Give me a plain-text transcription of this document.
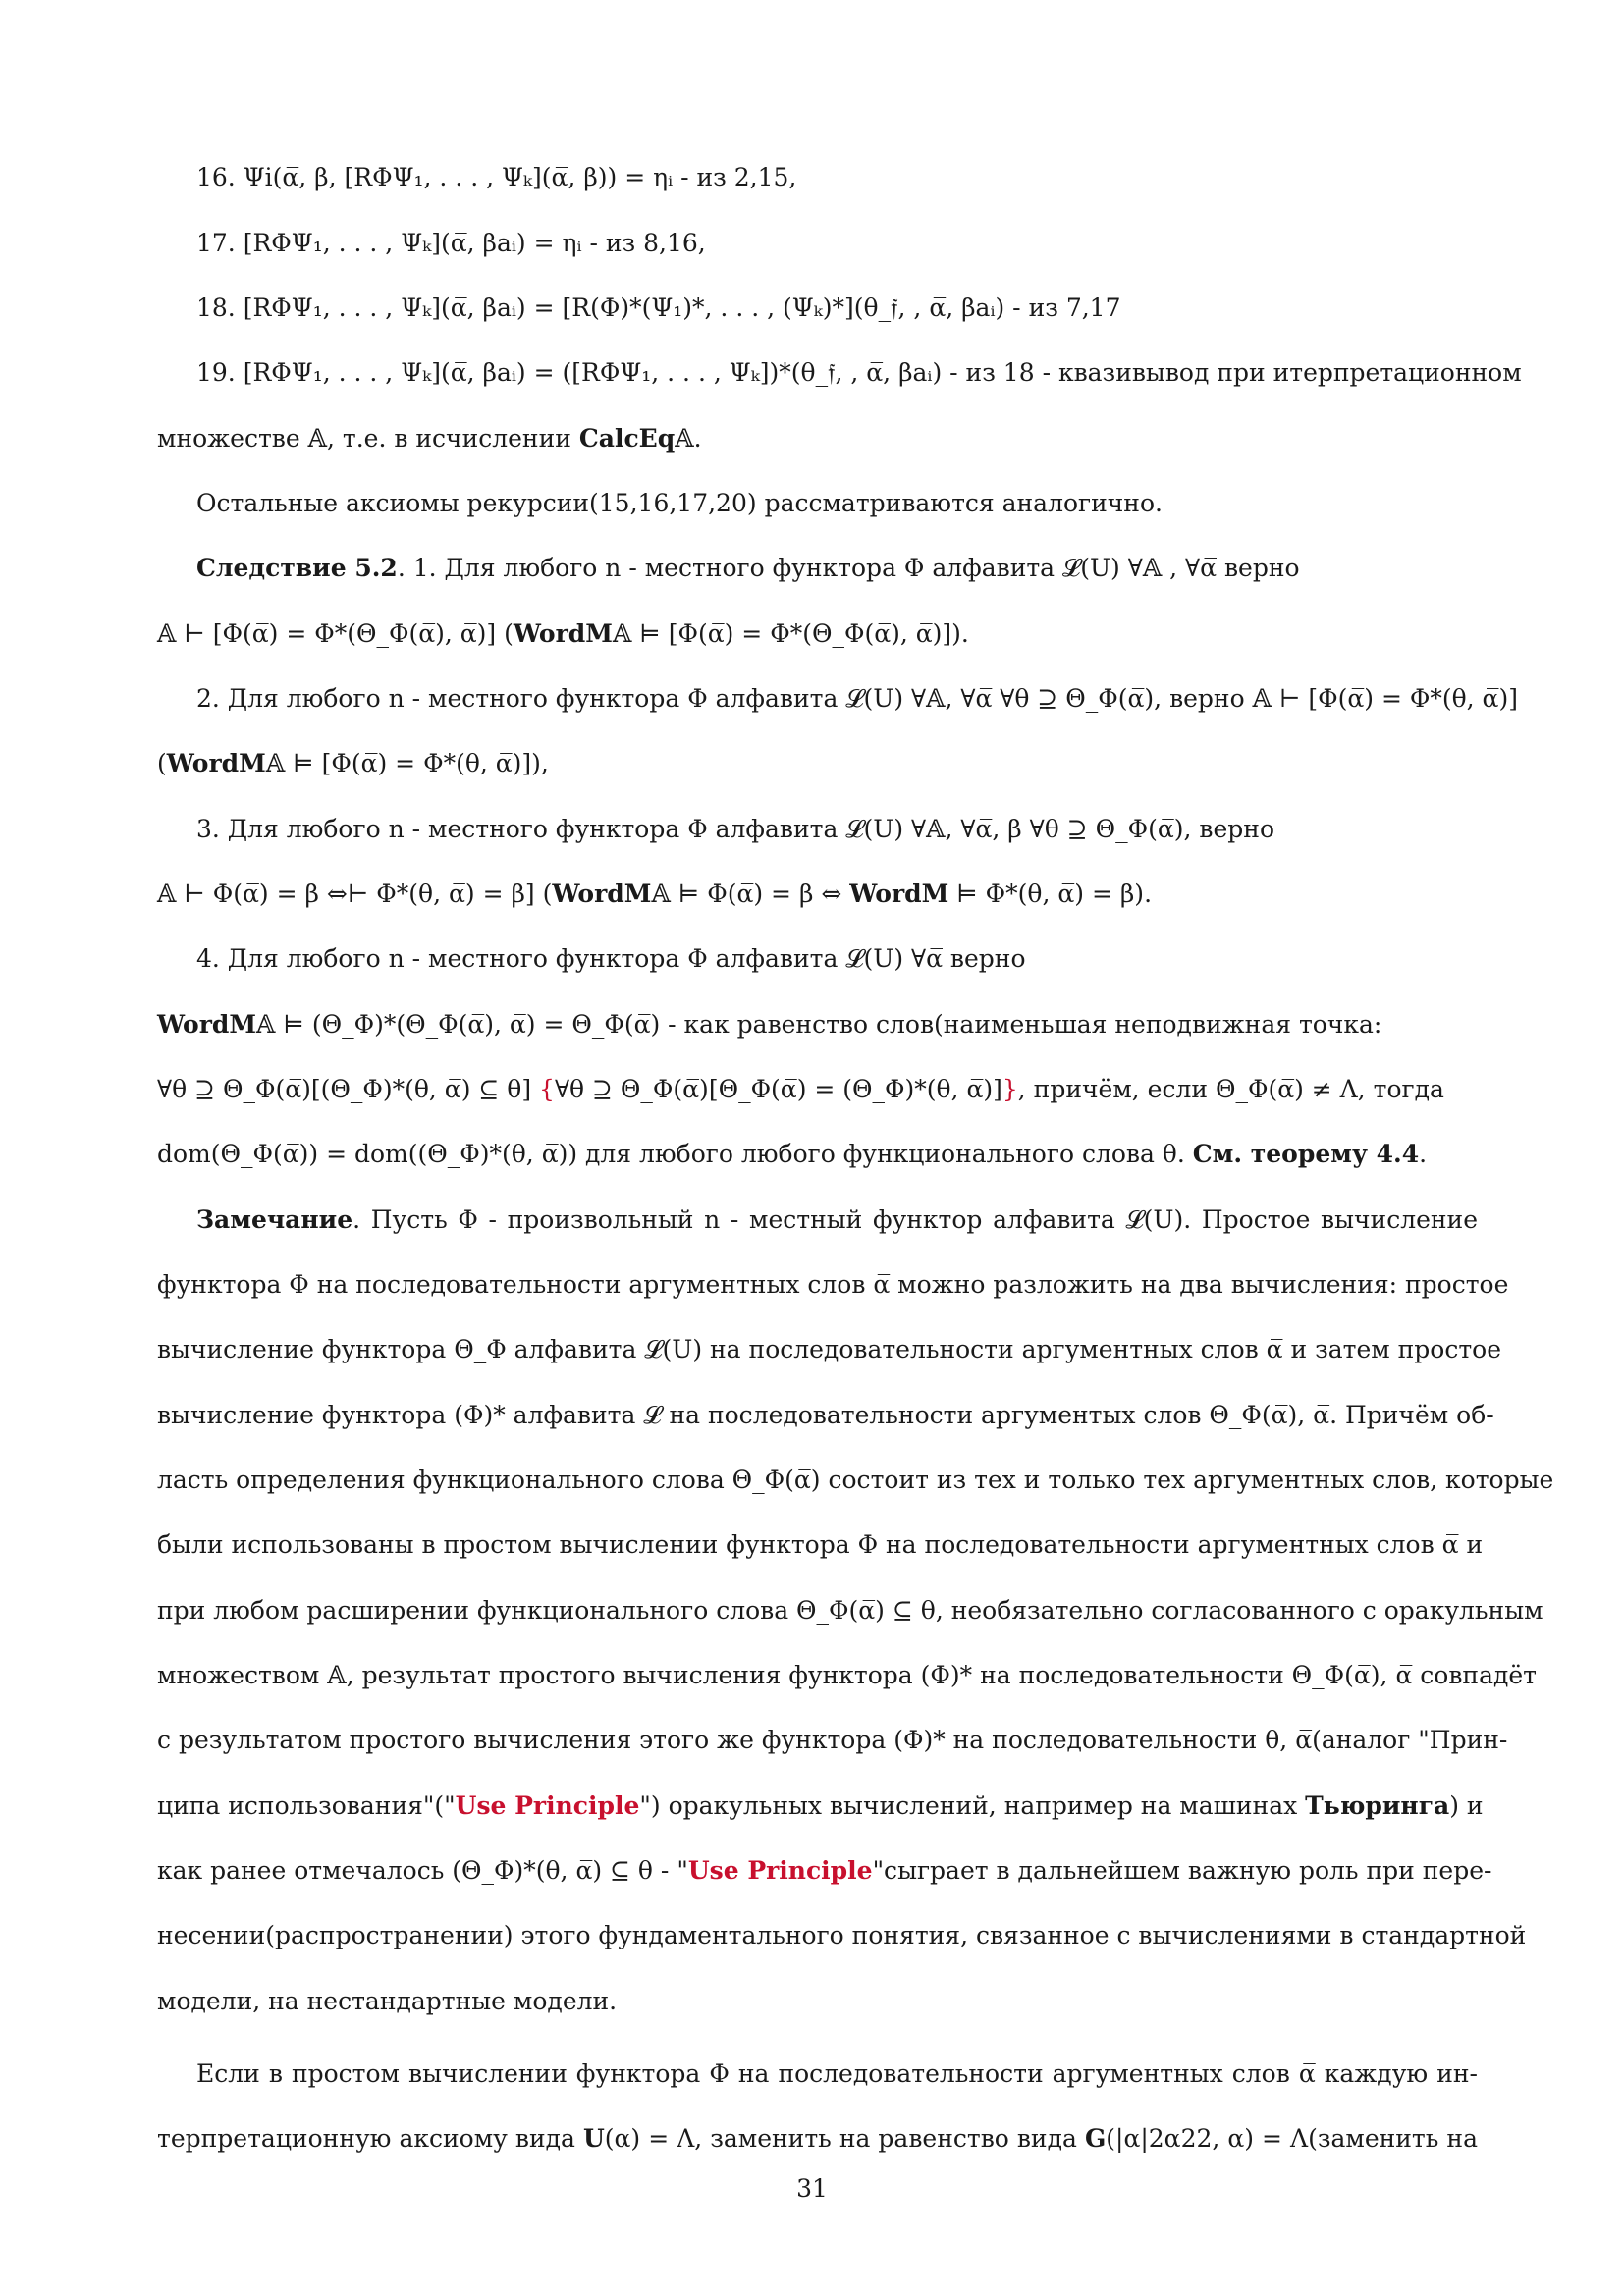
16. Ψi(α̅, β, [RΦΨ₁, . . . , Ψₖ](α̅, β)) = ηᵢ - из 2,15,
17. [RΦΨ₁, . . . , Ψₖ](α̅, βaᵢ) = ηᵢ - из 8,16,
18. [RΦΨ₁, . . . , Ψₖ](α̅, βaᵢ) = [R(Φ)*(Ψ₁)*, . . . , (Ψₖ)*](θ_𝔣, , α̅, βaᵢ) - из 7,17
19. [RΦΨ₁, . . . , Ψₖ](α̅, βaᵢ) = ([RΦΨ₁, . . . , Ψₖ])*(θ_𝔣, , α̅, βaᵢ) - из 18 - квазивывод при итерпретационном
множестве 𝔸, т.е. в исчислении CalcEq𝔸.
Остальные аксиомы рекурсии(15,16,17,20) рассматриваются аналогично.
Следствие 5.2. 1. Для любого n - местного функтора Φ алфавита 𝓛(U) ∀𝔸 , ∀α̅ верно
𝔸 ⊢ [Φ(α̅) = Φ*(Θ_Φ(α̅), α̅)] (WordM𝔸 ⊨ [Φ(α̅) = Φ*(Θ_Φ(α̅), α̅)]).
2. Для любого n - местного функтора Φ алфавита 𝓛(U) ∀𝔸, ∀α̅ ∀θ ⊇ Θ_Φ(α̅), верно 𝔸 ⊢ [Φ(α̅) = Φ*(θ, α̅)]
(WordM𝔸 ⊨ [Φ(α̅) = Φ*(θ, α̅)]),
3. Для любого n - местного функтора Φ алфавита 𝓛(U) ∀𝔸, ∀α̅, β ∀θ ⊇ Θ_Φ(α̅), верно
𝔸 ⊢ Φ(α̅) = β ⇔⊢ Φ*(θ, α̅) = β] (WordM𝔸 ⊨ Φ(α̅) = β ⇔ WordM ⊨ Φ*(θ, α̅) = β).
4. Для любого n - местного функтора Φ алфавита 𝓛(U) ∀α̅ верно
WordM𝔸 ⊨ (Θ_Φ)*(Θ_Φ(α̅), α̅) = Θ_Φ(α̅) - как равенство слов(наименьшая неподвижная точка:
∀θ ⊇ Θ_Φ(α̅)[(Θ_Φ)*(θ, α̅) ⊆ θ] {∀θ ⊇ Θ_Φ(α̅)[Θ_Φ(α̅) = (Θ_Φ)*(θ, α̅)]}, причём, если Θ_Φ(α̅) ≠ Λ, тогда
dom(Θ_Φ(α̅)) = dom((Θ_Φ)*(θ, α̅)) для любого любого функционального слова θ. См. теорему 4.4.
Замечание. Пусть Φ - произвольный n - местный функтор алфавита 𝓛(U). Простое вычисление
функтора Φ на последовательности аргументных слов α̅ можно разложить на два вычисления: простое
вычисление функтора Θ_Φ алфавита 𝓛(U) на последовательности аргументных слов α̅ и затем простое
вычисление функтора (Φ)* алфавита 𝓛 на последовательности аргументых слов Θ_Φ(α̅), α̅. Причём об-
ласть определения функционального слова Θ_Φ(α̅) состоит из тех и только тех аргументных слов, которые
были использованы в простом вычислении функтора Φ на последовательности аргументных слов α̅ и
при любом расширении функционального слова Θ_Φ(α̅) ⊆ θ, необязательно согласованного с оракульным
множеством 𝔸, результат простого вычисления функтора (Φ)* на последовательности Θ_Φ(α̅), α̅ совпадёт
с результатом простого вычисления этого же функтора (Φ)* на последовательности θ, α̅(аналог "Прин-
ципа использования"("Use Principle") оракульных вычислений, например на машинах Тьюринга) и
как ранее отмечалось (Θ_Φ)*(θ, α̅) ⊆ θ - "Use Principle"сыграет в дальнейшем важную роль при пере-
несении(распространении) этого фундаментального понятия, связанное с вычислениями в стандартной
модели, на нестандартные модели.
Если в простом вычислении функтора Φ на последовательности аргументных слов α̅ каждую ин-
терпретационную аксиому вида U(α) = Λ, заменить на равенство вида G(|α|2α22, α) = Λ(заменить на
31
